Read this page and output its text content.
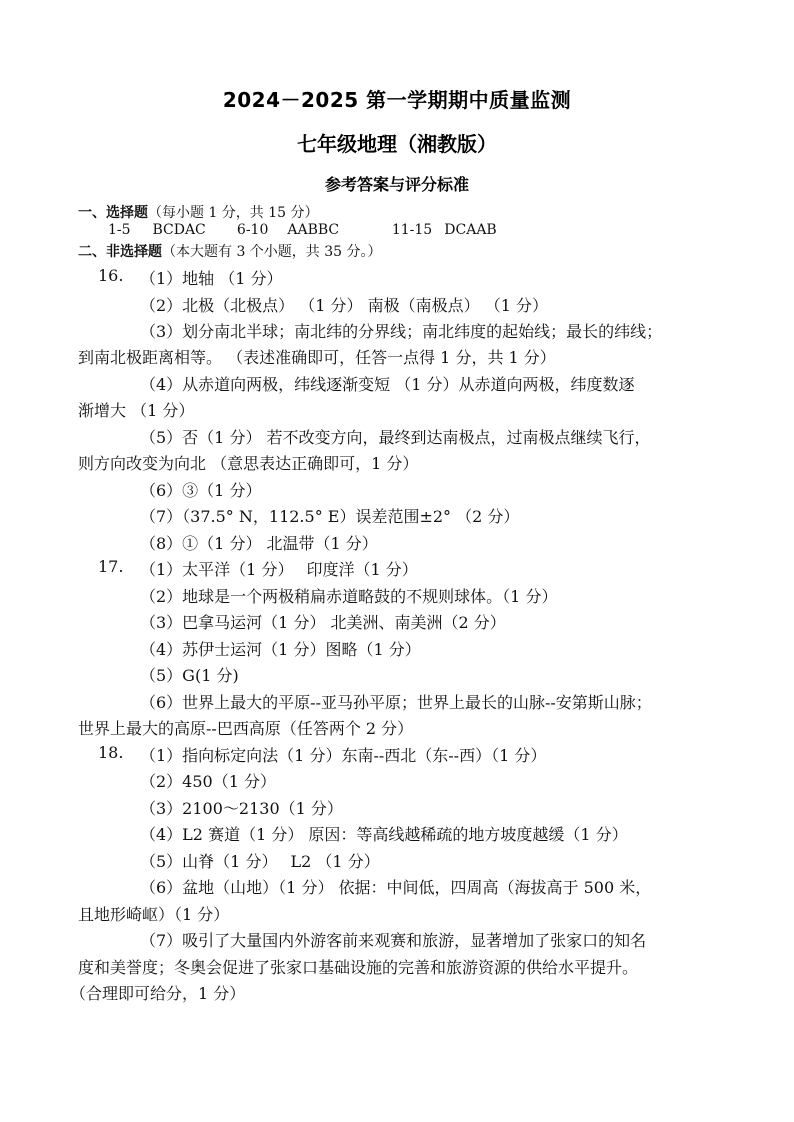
2024－2025 第一学期期中质量监测
七年级地理（湘教版）
参考答案与评分标准
一、选择题（每小题 1 分，共 15 分）
1-5 BCDAC 6-10 AABBC	11-15 DCAAB
二、非选择题（本大题有 3 个小题，共 35 分。）
16. （1）地轴 （1 分）
（2）北极（北极点） （1 分） 南极（南极点） （1 分）
（3）划分南北半球；南北纬的分界线；南北纬度的起始线；最长的纬线；
到南北极距离相等。 （表述准确即可，任答一点得 1 分，共 1 分）
（4）从赤道向两极，纬线逐渐变短 （1 分）从赤道向两极，纬度数逐
渐增大 （1 分）
（5）否（1 分） 若不改变方向，最终到达南极点，过南极点继续飞行，
则方向改变为向北 （意思表达正确即可，1 分）
（6）③（1 分）
（7）（37.5° N，112.5° E）误差范围±2° （2 分）
（8）①（1 分） 北温带（1 分）
17. （1）太平洋（1 分）　 印度洋（1 分）
（2）地球是一个两极稍扁赤道略鼓的不规则球体。（1 分）
（3）巴拿马运河（1 分） 北美洲、南美洲（2 分）
（4）苏伊士运河（1 分）图略（1 分）
（5）G(1 分)
（6）世界上最大的平原--亚马孙平原；世界上最长的山脉--安第斯山脉；
世界上最大的高原--巴西高原（任答两个 2 分）
18. （1）指向标定向法（1 分）东南--西北（东--西）（1 分）
（2）450（1 分）
（3）2100～2130（1 分）
（4）L2 赛道（1 分） 原因：等高线越稀疏的地方坡度越缓（1 分）
（5）山脊（1 分）　 L2 （1 分）
（6）盆地（山地）（1 分） 依据：中间低，四周高（海拔高于 500 米，
且地形崎岖）（1 分）
（7）吸引了大量国内外游客前来观赛和旅游，显著增加了张家口的知名
度和美誉度；冬奥会促进了张家口基础设施的完善和旅游资源的供给水平提升。
（合理即可给分，1 分）
